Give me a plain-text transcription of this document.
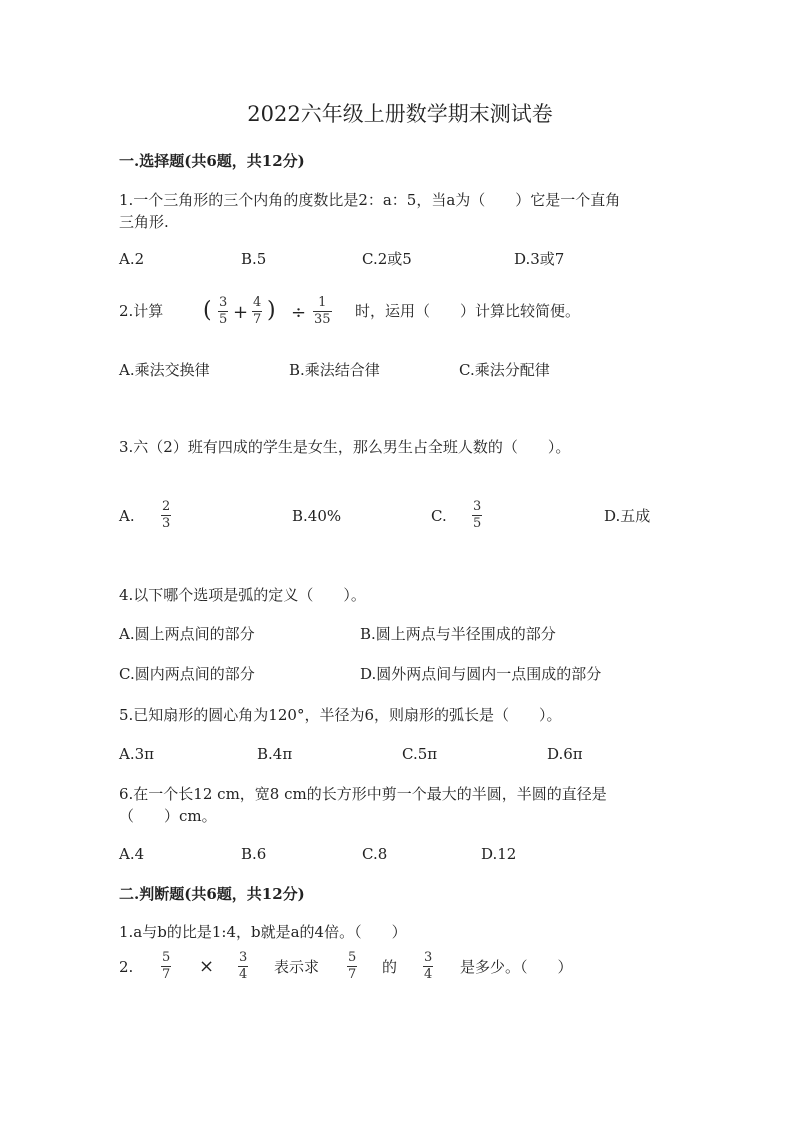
2022六年级上册数学期末测试卷
一.选择题(共6题，共12分)
1.一个三角形的三个内角的度数比是2：a：5，当a为（　　）它是一个直角
三角形.
A.2	B.5	C.2或5	D.3或7
2.计算 ( 3
5 + 4
7 ) ÷ 1
35 时，运用（　　）计算比较简便。
A.乘法交换律	B.乘法结合律	C.乘法分配律
3.六（2）班有四成的学生是女生，那么男生占全班人数的（　　）。
A.
2
3	B.40%	C.
3
5	D.五成
4.以下哪个选项是弧的定义（　　）。
A.圆上两点间的部分	B.圆上两点与半径围成的部分
C.圆内两点间的部分	D.圆外两点间与圆内一点围成的部分
5.已知扇形的圆心角为120°，半径为6，则扇形的弧长是（　　）。
A.3π	B.4π	C.5π	D.6π
6.在一个长12 cm，宽8 cm的长方形中剪一个最大的半圆，半圆的直径是
（　　）cm。
A.4	B.6	C.8	D.12
二.判断题(共6题，共12分)
1.a与b的比是1:4，b就是a的4倍。（　　）
2.
5
7 × 3
4 表示求
5
7 的
3
4 是多少。（　　）
